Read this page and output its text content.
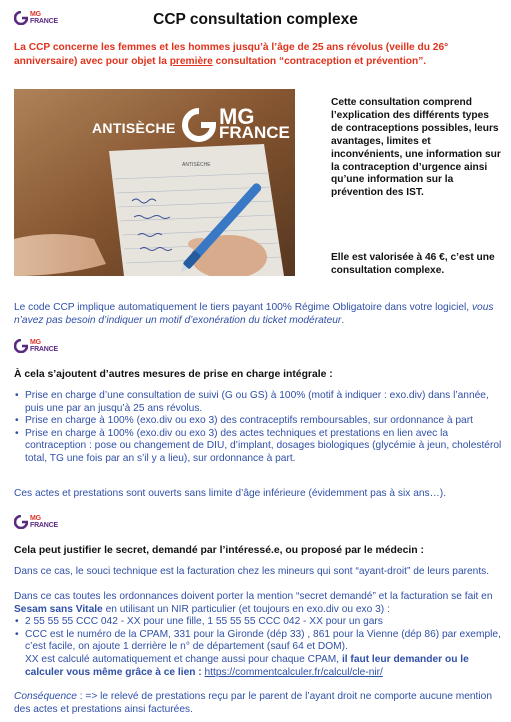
MG
FRANCE	CCP consultation complexe
La CCP concerne les femmes et les hommes jusqu’à l’âge de 25 ans révolus (veille du 26° anniversaire) avec pour objet la première consultation “contraception et prévention”.
ANTISÈCHE
ANTISÈCHE MG
FRANCE
Cette consultation comprend l’explication des différents types de contraceptions possibles, leurs avantages, limites et inconvénients, une information sur la contraception d’urgence ainsi qu’une information sur la prévention des IST.
Elle est valorisée à 46 €, c’est une consultation complexe.
Le code CCP implique automatiquement le tiers payant 100% Régime Obligatoire dans votre logiciel, vous n’avez pas besoin d’indiquer un motif d’exonération du ticket modérateur.
MG
FRANCE
À cela s’ajoutent d’autres mesures de prise en charge intégrale :
• Prise en charge d’une consultation de suivi (G ou GS) à 100% (motif à indiquer : exo.div) dans l’année, puis une par an jusqu’à 25 ans révolus.
• Prise en charge à 100% (exo.div ou exo 3) des contraceptifs remboursables, sur ordonnance à part
• Prise en charge à 100% (exo.div ou exo 3) des actes techniques et prestations en lien avec la contraception : pose ou changement de DIU, d’implant, dosages biologiques (glycémie à jeun, cholestérol total, TG une fois par an s’il y a lieu), sur ordonnance à part.
Ces actes et prestations sont ouverts sans limite d’âge inférieure (évidemment pas à six ans…).
MG
FRANCE
Cela peut justifier le secret, demandé par l’intéressé.e, ou proposé par le médecin :
Dans ce cas, le souci technique est la facturation chez les mineurs qui sont “ayant-droit” de leurs parents.
Dans ce cas toutes les ordonnances doivent porter la mention “secret demandé” et la facturation se fait en Sesam sans Vitale en utilisant un NIR particulier (et toujours en exo.div ou exo 3) :
• 2 55 55 55 CCC 042 - XX pour une fille, 1 55 55 55 CCC 042 - XX pour un gars
• CCC est le numéro de la CPAM, 331 pour la Gironde (dép 33) , 861 pour la Vienne (dép 86) par exemple, c’est facile, on ajoute 1 derrière le n° de département (sauf 64 et DOM).
XX est calculé automatiquement et change aussi pour chaque CPAM, il faut leur demander ou le calculer vous même grâce à ce lien : https://commentcalculer.fr/calcul/cle-nir/
Conséquence : => le relevé de prestations reçu par le parent de l’ayant droit ne comporte aucune mention des actes et prestations ainsi facturées.
